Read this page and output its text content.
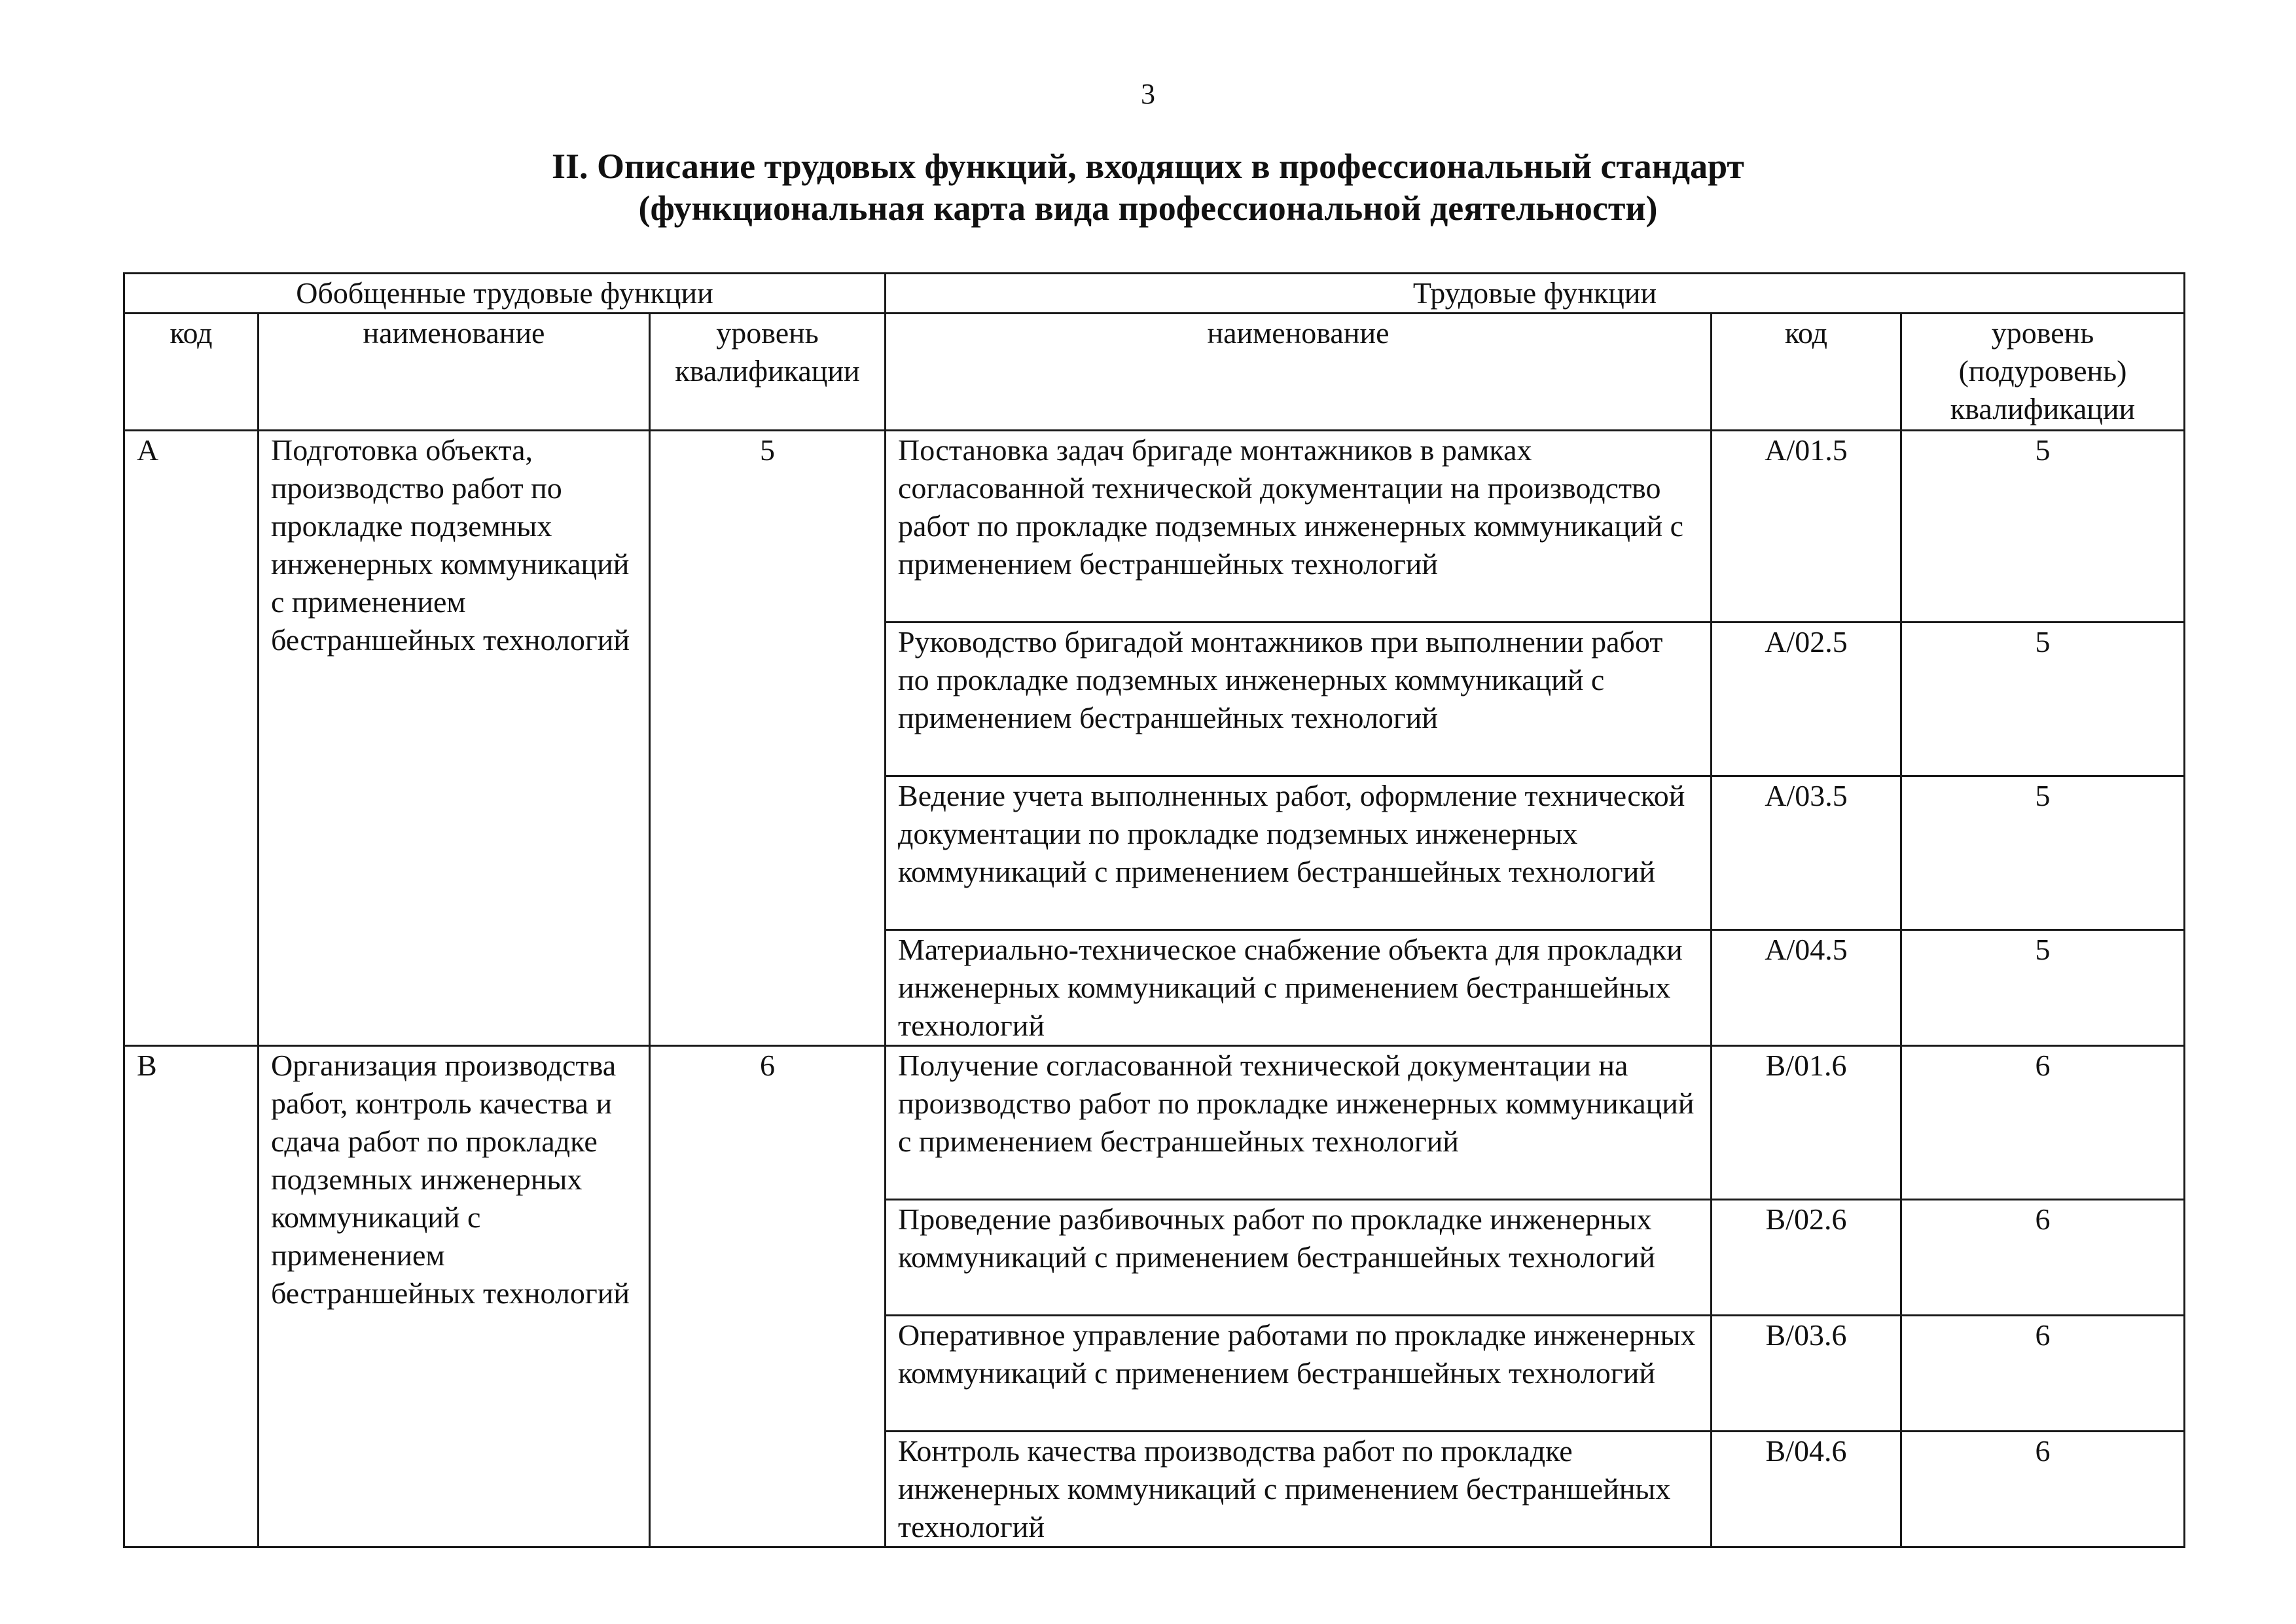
3
II. Описание трудовых функций, входящих в профессиональный стандарт
(функциональная карта вида профессиональной деятельности)
Обобщенные трудовые функции			Трудовые функции		
код	наименование	уровень квалификации	наименование	код	уровень (подуровень) квалификации
A	Подготовка объекта, производство работ по прокладке подземных инженерных коммуникаций с применением бестраншейных технологий	5	Постановка задач бригаде монтажников в рамках согласованной технической документации на производство работ по прокладке подземных инженерных коммуникаций с применением бестраншейных технологий	A/01.5	5
			Руководство бригадой монтажников при выполнении работ по прокладке подземных инженерных коммуникаций с применением бестраншейных технологий	A/02.5	5
			Ведение учета выполненных работ, оформление технической документации по прокладке подземных инженерных коммуникаций с применением бестраншейных технологий	A/03.5	5
			Материально-техническое снабжение объекта для прокладки инженерных коммуникаций с применением бестраншейных технологий	A/04.5	5
B	Организация производства работ, контроль качества и сдача работ по прокладке подземных инженерных коммуникаций с применением бестраншейных технологий	6	Получение согласованной технической документации на производство работ по прокладке инженерных коммуникаций с применением бестраншейных технологий	B/01.6	6
			Проведение разбивочных работ по прокладке инженерных коммуникаций с применением бестраншейных технологий	B/02.6	6
			Оперативное управление работами по прокладке инженерных коммуникаций с применением бестраншейных технологий	B/03.6	6
			Контроль качества производства работ по прокладке инженерных коммуникаций с применением бестраншейных технологий	B/04.6	6
